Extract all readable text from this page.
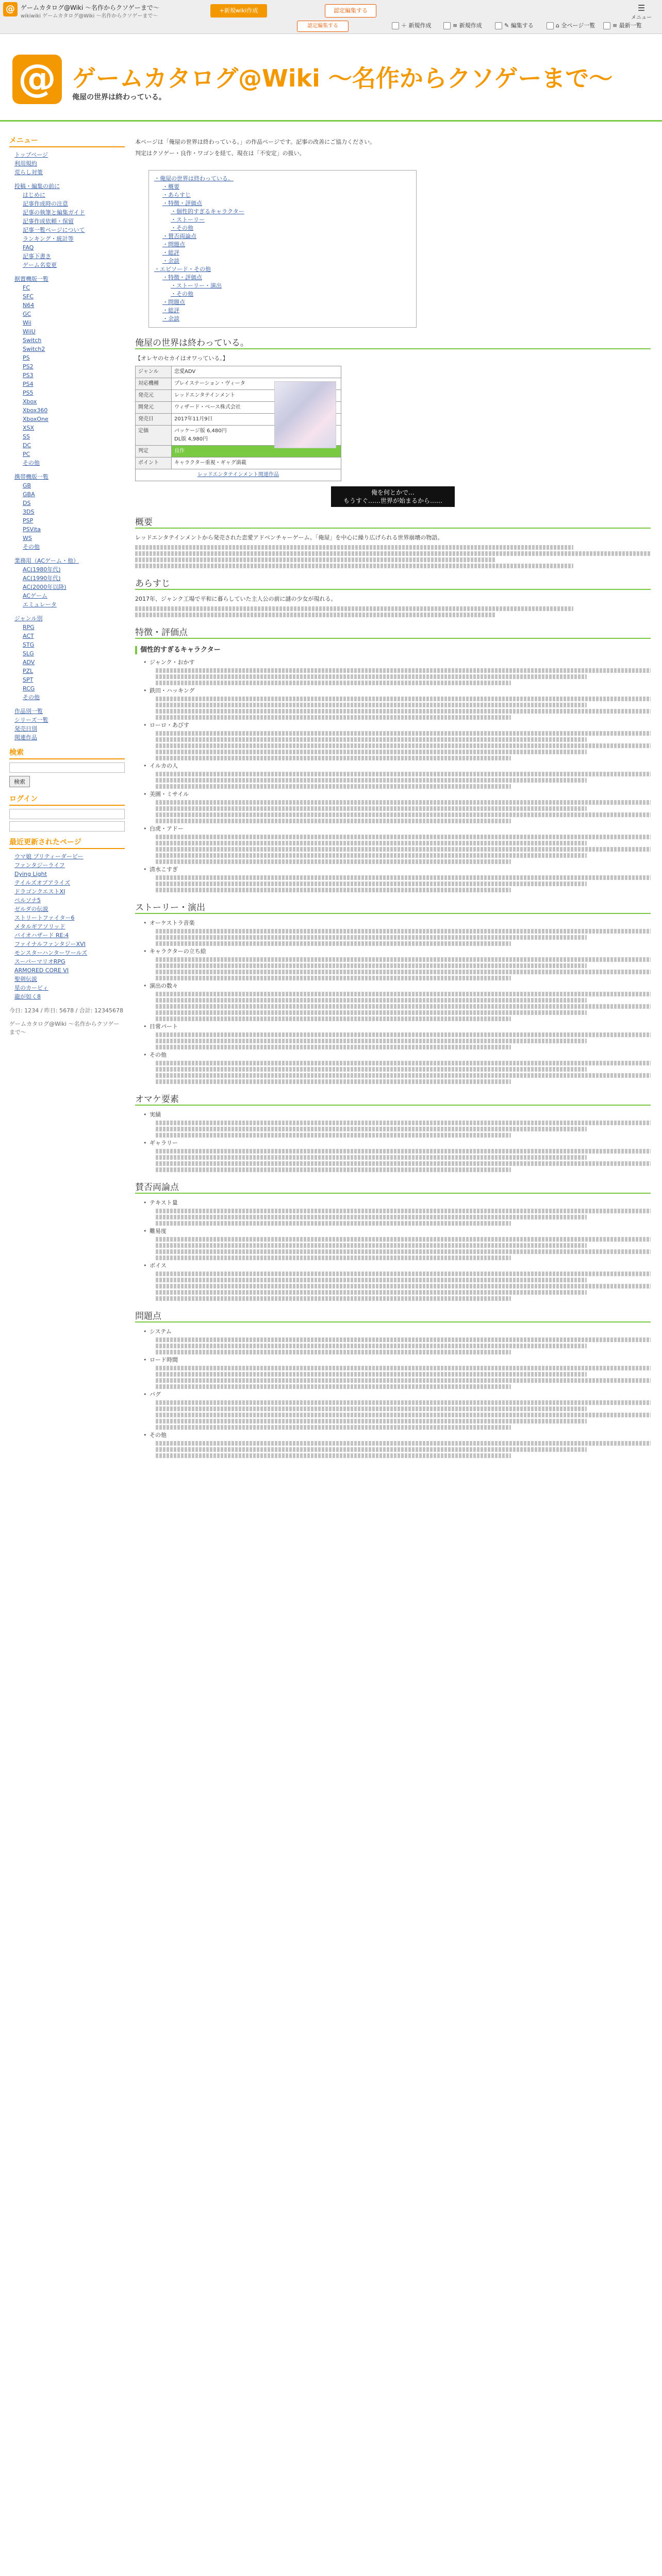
@ ゲームカタログ@Wiki ～名作からクソゲーまで～
wikiwiki ゲームカタログ@Wiki ～名作からクソゲーまで～
+新規wiki作成	認定編集する
認定編集する	＋ 新規作成	≡ 新規作成	✎ 編集する	⌂ 全ページ一覧	≡ 最新一覧
☰
メニュー
@ ゲームカタログ@Wiki ～名作からクソゲーまで～
俺屋の世界は終わっている。
メニュー
トップページ
利用規約
荒らし対策
投稿・編集の前に
はじめに
記事作成時の注意
記事の執筆と編集ガイド
記事作成依頼・保留
記事一覧ページについて
ランキング・統計等
FAQ
記事下書き
ゲーム名変更
据置機版一覧
FC
SFC
N64
GC
Wii
WiiU
Switch
Switch2
PS
PS2
PS3
PS4
PS5
Xbox
Xbox360
XboxOne
XSX
SS
DC
PC
その他
携帯機版一覧
GB
GBA
DS
3DS
PSP
PSVita
WS
その他
業務用（ACゲーム・他）
AC(1980年代)
AC(1990年代)
AC(2000年以降)
ACゲーム
エミュレータ
ジャンル別
RPG
ACT
STG
SLG
ADV
PZL
SPT
RCG
その他
作品別一覧
シリーズ一覧
発売日別
関連作品
検索
検索
ログイン
最近更新されたページ
ウマ娘 プリティーダービー
ファンタジーライフ
Dying Light
テイルズオブアライズ
ドラゴンクエストXI
ペルソナ5
ゼルダの伝説
ストリートファイター6
メタルギアソリッド
バイオハザード RE:4
ファイナルファンタジーXVI
モンスターハンターワールズ
スーパーマリオRPG
ARMORED CORE VI
聖剣伝説
星のカービィ
龍が如く8
今日: 1234 / 昨日: 5678 / 合計: 12345678
ゲームカタログ@Wiki ～名作からクソゲーまで～
本ページは「俺屋の世界は終わっている。」の作品ページです。記事の改善にご協力ください。
判定はクソゲー・良作・ワゴンを経て、現在は「不安定」の扱い。
・俺屋の世界は終わっている。
・概要
・あらすじ
・特徴・評価点
・個性的すぎるキャラクター
・ストーリー
・その他
・賛否両論点
・問題点
・総評
・余談
・エピソード・その他
・特徴・評価点
・ストーリー・演出
・その他
・問題点
・総評
・余談
俺屋の世界は終わっている。
【オレヤのセカイはオワっている。】
ジャンル	恋愛ADV
対応機種	プレイステーション・ヴィータ
発売元	レッドエンタテインメント
開発元	ウィザード・ベース株式会社
発売日	2017年11月9日
定価	パッケージ版 6,480円
DL版 4,980円

判定	良作
ポイント	キャラクター重視・ギャグ満載
レッドエンタテインメント関連作品	
俺を何とかで…
もうすぐ……世界が始まるから……
概要
レッドエンタテインメントから発売された恋愛アドベンチャーゲーム。「俺屋」を中心に繰り広げられる世界崩壊の物語。
あらすじ
2017年、ジャンク工場で平和に暮らしていた主人公の前に謎の少女が現れる。
特徴・評価点
個性的すぎるキャラクター
• ジャンク・おかす
• 鉄田・ハッキング
• ローロ・あびす
• イルカの人
• 美園・ミサイル
• 白虎・アドー
• 清水こすぎ
ストーリー・演出
• オーケストラ音楽
• キャラクターの立ち絵
• 演出の数々
• 日常パート
• その他
オマケ要素
• 実績
• ギャラリー
賛否両論点
• テキスト量
• 難易度
• ボイス
問題点
• システム
• ロード時間
• バグ
• その他
